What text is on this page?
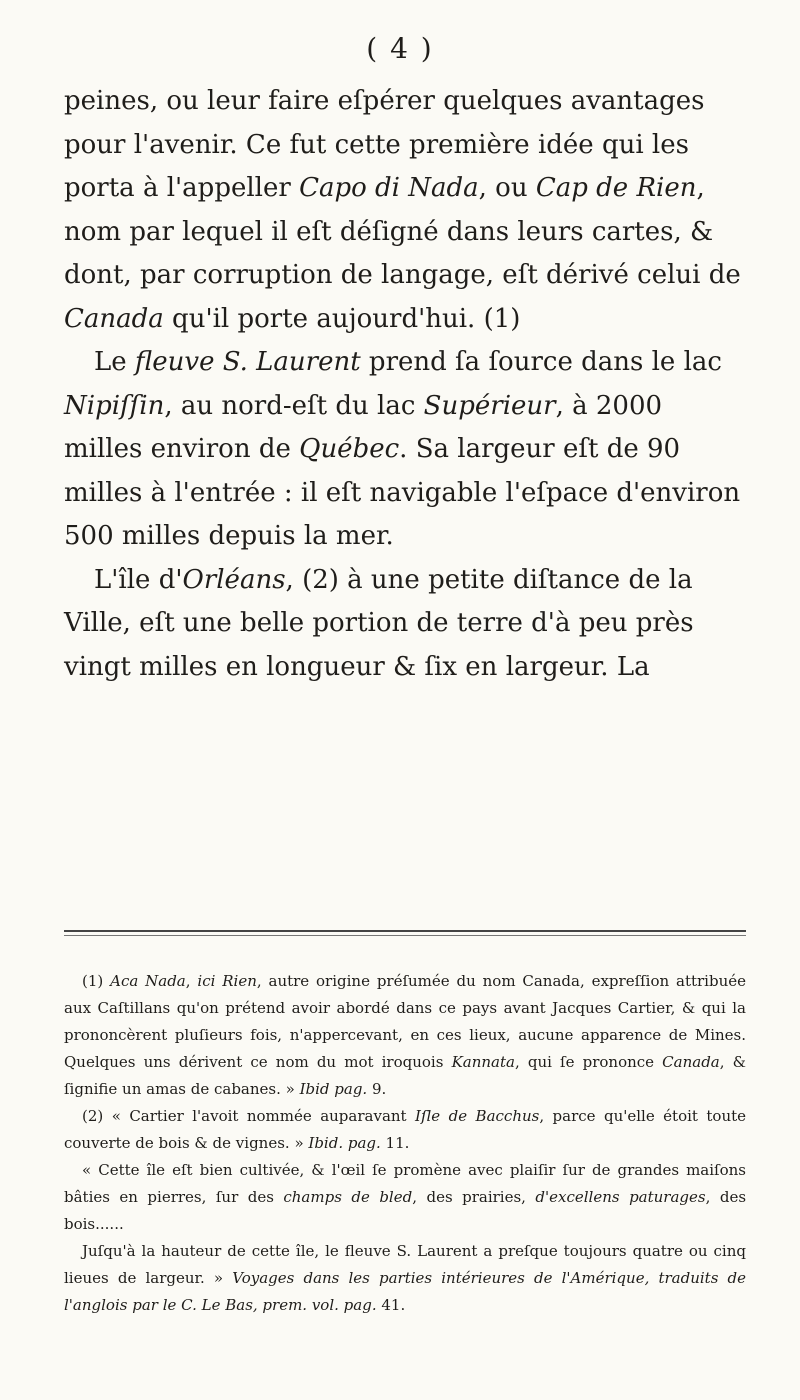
( 4 )

peines, ou leur faire eſpérer quelques avantages pour l'avenir. Ce fut cette première idée qui les porta à l'appeller Capo di Nada, ou Cap de Rien, nom par lequel il eſt déſigné dans leurs cartes, & dont, par corruption de langage, eſt dérivé celui de Canada qu'il porte aujourd'hui. (1)

Le fleuve S. Laurent prend ſa ſource dans le lac Nipiſſin, au nord-eſt du lac Supérieur, à 2000 milles environ de Québec. Sa largeur eſt de 90 milles à l'entrée : il eſt navigable l'eſpace d'environ 500 milles depuis la mer.

L'île d'Orléans, (2) à une petite diſtance de la Ville, eſt une belle portion de terre d'à peu près vingt milles en longueur & ſix en largeur. La

(1) Aca Nada, ici Rien, autre origine préſumée du nom Canada, expreſſion attribuée aux Caſtillans qu'on prétend avoir abordé dans ce pays avant Jacques Cartier, & qui la prononcèrent pluſieurs fois, n'appercevant, en ces lieux, aucune apparence de Mines. Quelques uns dérivent ce nom du mot iroquois Kannata, qui ſe prononce Canada, & ſignifie un amas de cabanes. » Ibid pag. 9.

(2) « Cartier l'avoit nommée auparavant Iſle de Bacchus, parce qu'elle étoit toute couverte de bois & de vignes. » Ibid. pag. 11.

« Cette île eſt bien cultivée, & l'œil ſe promène avec plaiſir ſur de grandes maiſons bâties en pierres, ſur des champs de bled, des prairies, d'excellens paturages, des bois......

Juſqu'à la hauteur de cette île, le fleuve S. Laurent a preſque toujours quatre ou cinq lieues de largeur. » Voyages dans les parties intérieures de l'Amérique, traduits de l'anglois par le C. Le Bas, prem. vol. pag. 41.
